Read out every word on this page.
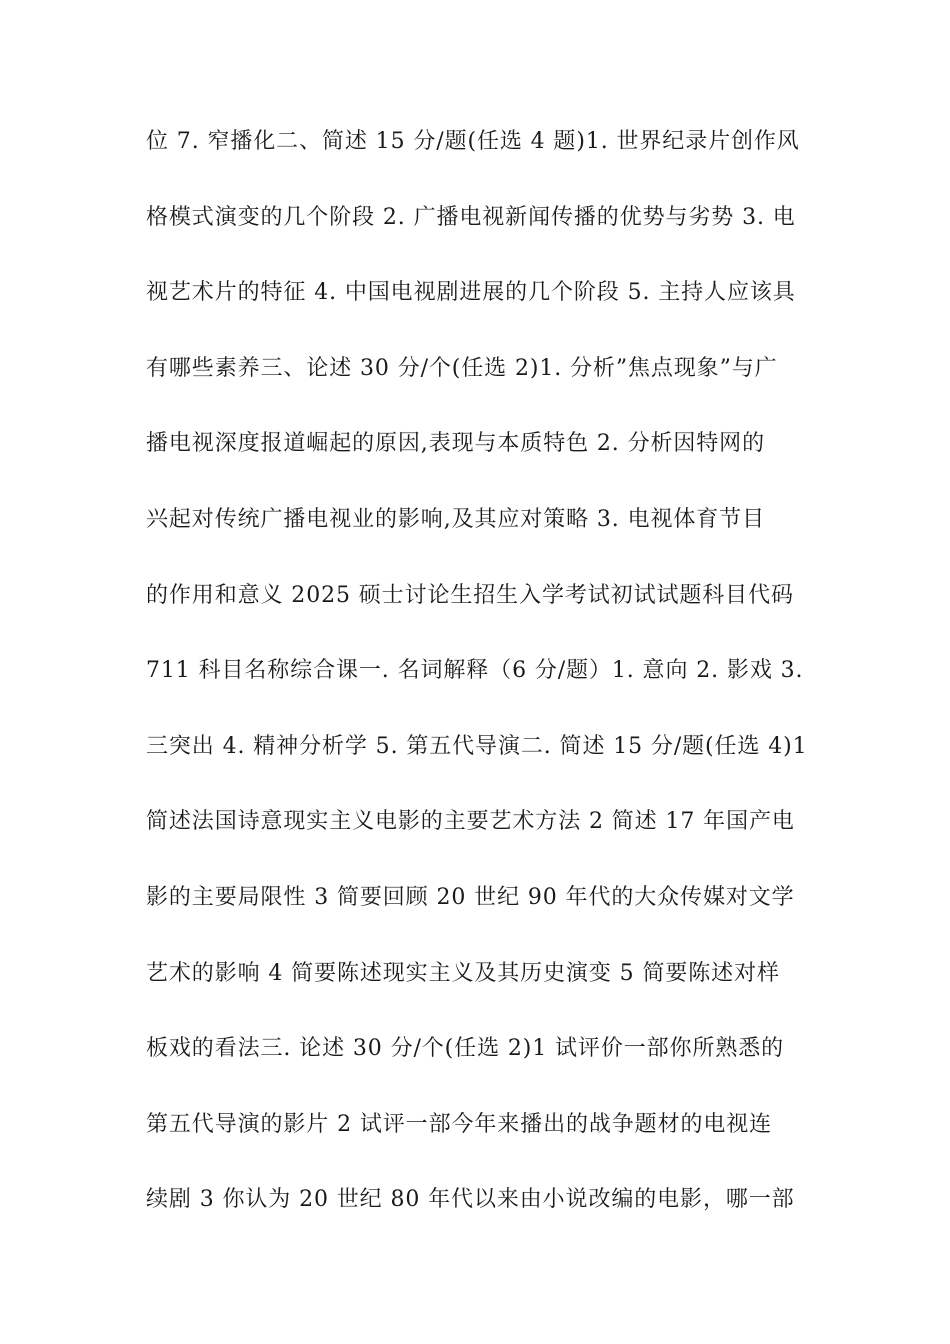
位 7. 窄播化二、简述 15 分/题(任选 4 题)1. 世界纪录片创作风
格模式演变的几个阶段 2. 广播电视新闻传播的优势与劣势 3. 电
视艺术片的特征 4. 中国电视剧进展的几个阶段 5. 主持人应该具
有哪些素养三、论述 30 分/个(任选 2)1. 分析”焦点现象”与广
播电视深度报道崛起的原因,表现与本质特色 2. 分析因特网的
兴起对传统广播电视业的影响,及其应对策略 3. 电视体育节目
的作用和意义 2025 硕士讨论生招生入学考试初试试题科目代码
711 科目名称综合课一. 名词解释（6 分/题）1. 意向 2. 影戏 3.
三突出 4. 精神分析学 5. 第五代导演二. 简述 15 分/题(任选 4)1
简述法国诗意现实主义电影的主要艺术方法 2 简述 17 年国产电
影的主要局限性 3 简要回顾 20 世纪 90 年代的大众传媒对文学
艺术的影响 4 简要陈述现实主义及其历史演变 5 简要陈述对样
板戏的看法三. 论述 30 分/个(任选 2)1 试评价一部你所熟悉的
第五代导演的影片 2 试评一部今年来播出的战争题材的电视连
续剧 3 你认为 20 世纪 80 年代以来由小说改编的电影，哪一部
